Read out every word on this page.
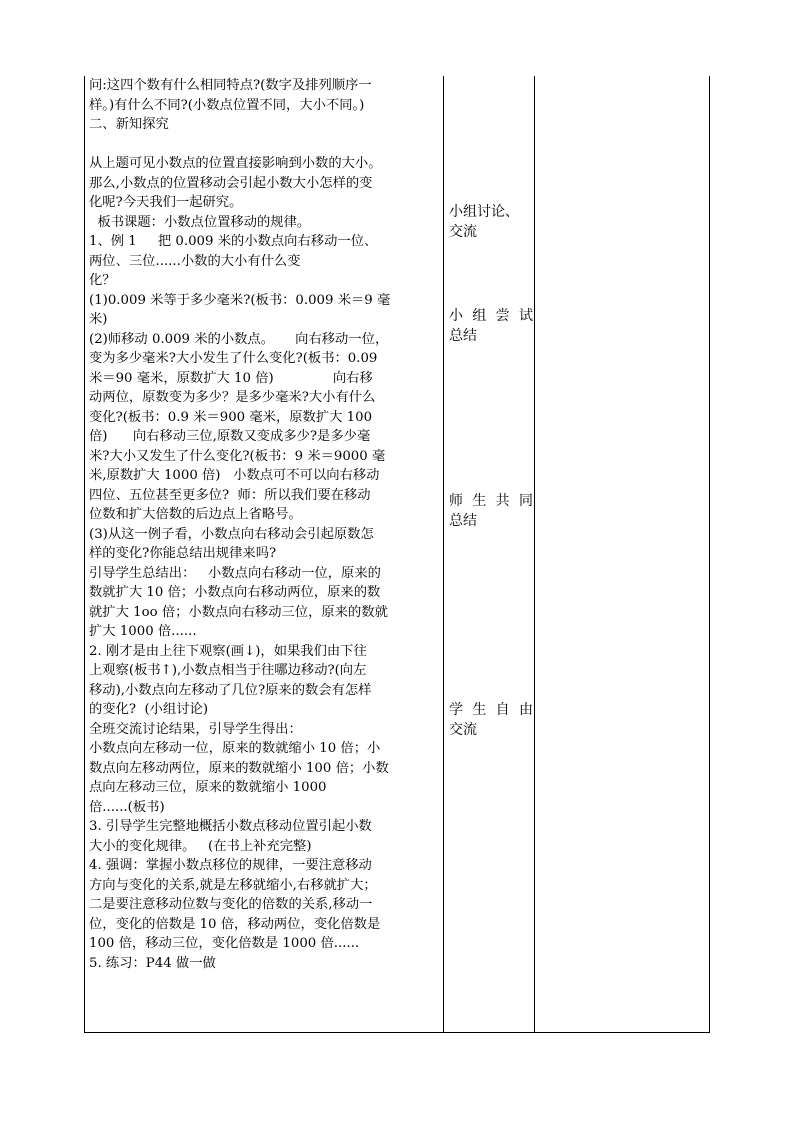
问:这四个数有什么相同特点?(数字及排列顺序一

样。)有什么不同?(小数点位置不同，大小不同。)

二、新知探究

从上题可见小数点的位置直接影响到小数的大小。

那么,小数点的位置移动会引起小数大小怎样的变

化呢?今天我们一起研究。

板书课题：小数点位置移动的规律。

1、例 1     把 0.009 米的小数点向右移动一位、

两位、三位......小数的大小有什么变

化？

(1)0.009 米等于多少毫米?(板书：0.009 米＝9 毫

米)

(2)师移动 0.009 米的小数点。     向右移动一位，

变为多少毫米?大小发生了什么变化?(板书：0.09

米＝90 毫米，原数扩大 10 倍)              向右移

动两位，原数变为多少？是多少毫米?大小有什么

变化?(板书：0.9 米＝900 毫米，原数扩大 100

倍)      向右移动三位,原数又变成多少?是多少毫

米?大小又发生了什么变化?(板书：9 米＝9000 毫

米,原数扩大 1000 倍)   小数点可不可以向右移动

四位、五位甚至更多位?  师：所以我们要在移动

位数和扩大倍数的后边点上省略号。

(3)从这一例子看，小数点向右移动会引起原数怎

样的变化?你能总结出规律来吗?

引导学生总结出：   小数点向右移动一位，原来的

数就扩大 10 倍；小数点向右移动两位，原来的数

就扩大 1oo 倍；小数点向右移动三位，原来的数就

扩大 1000 倍......

2. 刚才是由上往下观察(画↓)，如果我们由下往

上观察(板书↑),小数点相当于往哪边移动?(向左

移动),小数点向左移动了几位?原来的数会有怎样

的变化?  (小组讨论)

全班交流讨论结果，引导学生得出：

小数点向左移动一位，原来的数就缩小 10 倍；小

数点向左移动两位，原来的数就缩小 100 倍；小数

点向左移动三位，原来的数就缩小 1000

倍......(板书)

3. 引导学生完整地概括小数点移动位置引起小数

大小的变化规律。   (在书上补充完整)

4. 强调：掌握小数点移位的规律，一要注意移动

方向与变化的关系,就是左移就缩小,右移就扩大；

二是要注意移动位数与变化的倍数的关系,移动一

位，变化的倍数是 10 倍，移动两位，变化倍数是

100 倍，移动三位，变化倍数是 1000 倍......

5. 练习：P44 做一做

小组讨论、

交流

小组尝试

总结

师生共同

总结

学生自由

交流
